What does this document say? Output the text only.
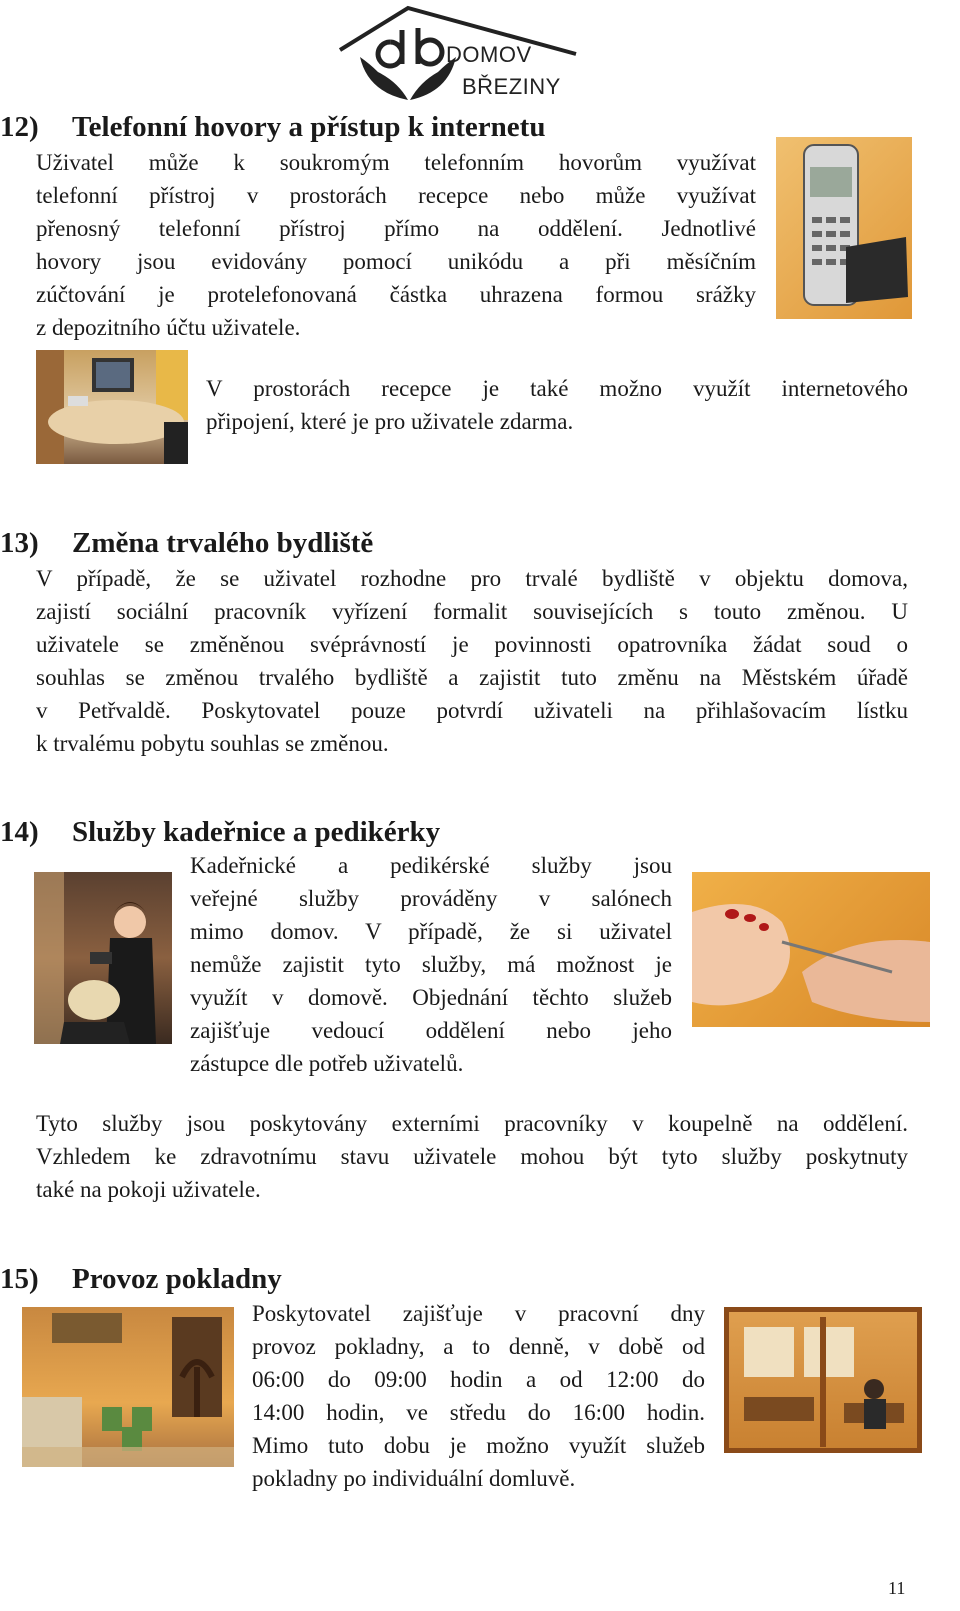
DOMOV
BŘEZINY
12) Telefonní hovory a přístup k internetu
Uživatel může k soukromým telefonním hovorům využívat
telefonní přístroj v prostorách recepce nebo může využívat
přenosný telefonní přístroj přímo na oddělení. Jednotlivé
hovory jsou evidovány pomocí unikódu a při měsíčním
zúčtování je protelefonovaná částka uhrazena formou srážky
z depozitního účtu uživatele.
V prostorách recepce je také možno využít internetového
připojení, které je pro uživatele zdarma.
13) Změna trvalého bydliště
V případě, že se uživatel rozhodne pro trvalé bydliště v objektu domova,
zajistí sociální pracovník vyřízení formalit souvisejících s touto změnou. U
uživatele se změněnou svéprávností je povinnosti opatrovníka žádat soud o
souhlas se změnou trvalého bydliště a zajistit tuto změnu na Městském úřadě
v Petřvaldě. Poskytovatel pouze potvrdí uživateli na přihlašovacím lístku
k trvalému pobytu souhlas se změnou.
14) Služby kadeřnice a pedikérky
Kadeřnické a pedikérské služby jsou
veřejné služby prováděny v salónech
mimo domov. V případě, že si uživatel
nemůže zajistit tyto služby, má možnost je
využít v domově. Objednání těchto služeb
zajišťuje vedoucí oddělení nebo jeho
zástupce dle potřeb uživatelů.
Tyto služby jsou poskytovány externími pracovníky v koupelně na oddělení.
Vzhledem ke zdravotnímu stavu uživatele mohou být tyto služby poskytnuty
také na pokoji uživatele.
15) Provoz pokladny
Poskytovatel zajišťuje v pracovní dny
provoz pokladny, a to denně, v době od
06:00 do 09:00 hodin a od 12:00 do
14:00 hodin, ve středu do 16:00 hodin.
Mimo tuto dobu je možno využít služeb
pokladny po individuální domluvě.
11
